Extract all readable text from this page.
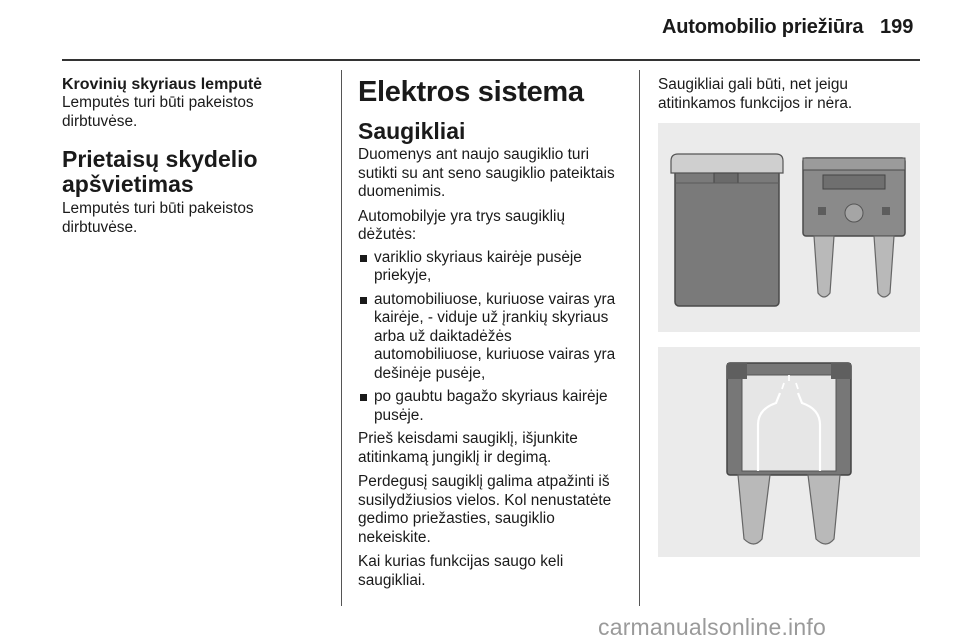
Automobilio priežiūra 199
Krovinių skyriaus lemputė

Lemputės turi būti pakeistos
dirbtuvėse.

Prietaisų skydelio
apšvietimas

Lemputės turi būti pakeistos
dirbtuvėse.

Elektros sistema
Saugikliai

Duomenys ant naujo saugiklio turi
sutikti su ant seno saugiklio pateiktais
duomenimis.

Automobilyje yra trys saugiklių
dėžutės:

variklio skyriaus kairėje pusėje
priekyje,
automobiliuose, kuriuose vairas yra
kairėje, - viduje už įrankių skyriaus
arba už daiktadėžės
automobiliuose, kuriuose vairas yra
dešinėje pusėje,
po gaubtu bagažo skyriaus kairėje
pusėje.

Prieš keisdami saugiklį, išjunkite
atitinkamą jungiklį ir degimą.

Perdegusį saugiklį galima atpažinti iš
susilydžiusios vielos. Kol nenustatėte
gedimo priežasties, saugiklio
nekeiskite.

Kai kurias funkcijas saugo keli
saugikliai.

Saugikliai gali būti, net jeigu
atitinkamos funkcijos ir nėra.

carmanualsonline.info
